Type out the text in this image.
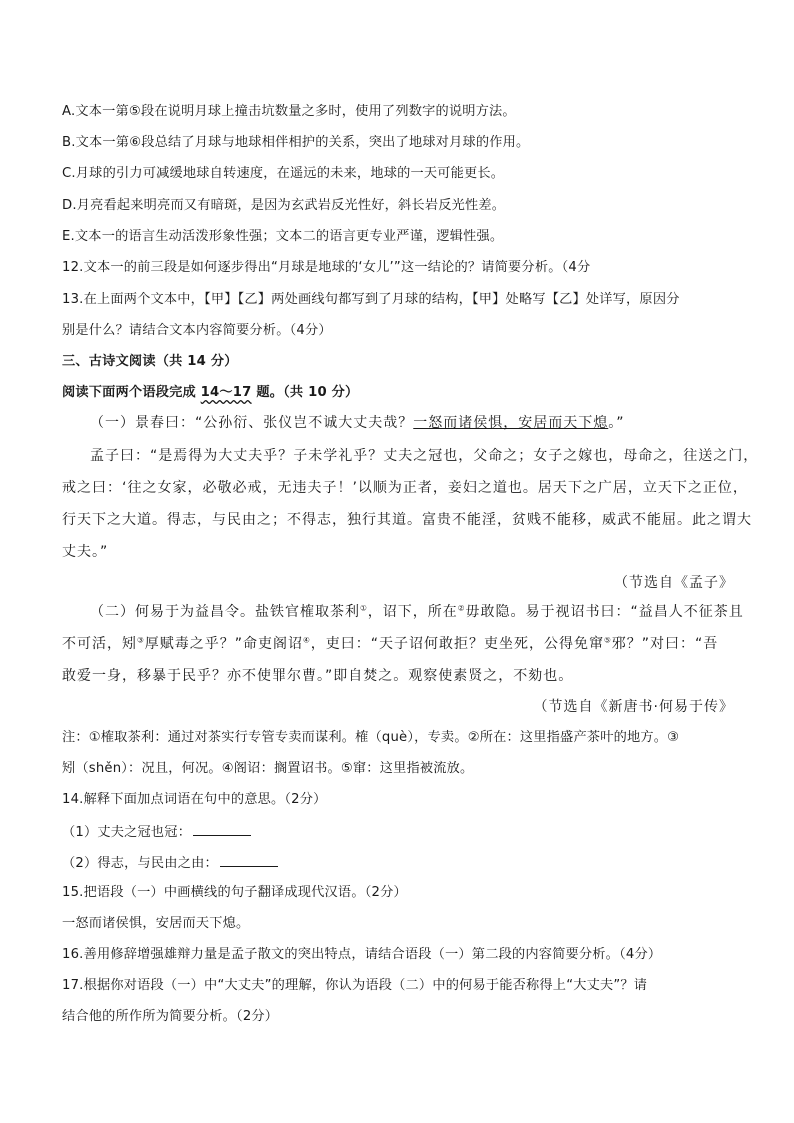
A.文本一第⑤段在说明月球上撞击坑数量之多时，使用了列数字的说明方法。
B.文本一第⑥段总结了月球与地球相伴相护的关系，突出了地球对月球的作用。
C.月球的引力可减缓地球自转速度，在遥远的未来，地球的一天可能更长。
D.月亮看起来明亮而又有暗斑，是因为玄武岩反光性好，斜长岩反光性差。
E.文本一的语言生动活泼形象性强；文本二的语言更专业严谨，逻辑性强。
12.文本一的前三段是如何逐步得出“月球是地球的‘女儿’”这一结论的？请简要分析。（4分
13.在上面两个文本中，【甲】【乙】两处画线句都写到了月球的结构，【甲】处略写【乙】处详写，原因分
别是什么？请结合文本内容简要分析。（4分）
三、古诗文阅读（共 14 分）
阅读下面两个语段完成 14～17 题。（共 10 分）
（一）景春曰：“公孙衍、张仪岂不诚大丈夫哉？一怒而诸侯惧，安居而天下熄。”
孟子曰：“是焉得为大丈夫乎？子未学礼乎？丈夫之冠也，父命之；女子之嫁也，母命之，往送之门，
戒之曰：‘往之女家，必敬必戒，无违夫子！’以顺为正者，妾妇之道也。居天下之广居，立天下之正位，
行天下之大道。得志，与民由之；不得志，独行其道。富贵不能淫，贫贱不能移，威武不能屈。此之谓大
丈夫。”
（节选自《孟子》
（二）何易于为益昌令。盐铁官榷取茶利①，诏下，所在②毋敢隐。易于视诏书曰：“益昌人不征茶且
不可活，矧③厚赋毒之乎？”命吏阁诏④，吏曰：“天子诏何敢拒？吏坐死，公得免窜⑤邪？”对曰：“吾
敢爱一身，移暴于民乎？亦不使罪尔曹。”即自焚之。观察使素贤之，不劾也。
（节选自《新唐书·何易于传》
注：①榷取茶利：通过对茶实行专管专卖而谋利。榷（què），专卖。②所在：这里指盛产茶叶的地方。③
矧（shěn）：况且，何况。④阁诏：搁置诏书。⑤窜：这里指被流放。
14.解释下面加点词语在句中的意思。（2分）
（1）丈夫之冠也冠：
（2）得志，与民由之由：
15.把语段（一）中画横线的句子翻译成现代汉语。（2分）
一怒而诸侯惧，安居而天下熄。
16.善用修辞增强雄辩力量是孟子散文的突出特点，请结合语段（一）第二段的内容简要分析。（4分）
17.根据你对语段（一）中“大丈夫”的理解，你认为语段（二）中的何易于能否称得上“大丈夫”？请
结合他的所作所为简要分析。（2分）
